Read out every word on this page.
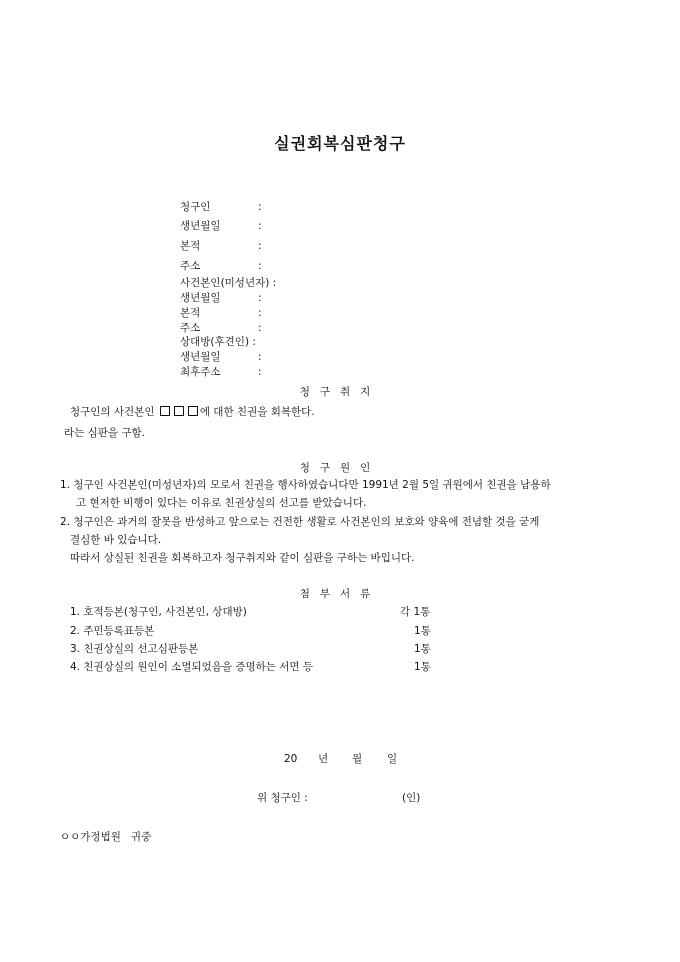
실권회복심판청구
청구인	:
생년월일	:
본적	:
주소	:
사건본인(미성년자) :
생년월일	:
본적	:
주소	:
상대방(후견인) :
생년월일	:
최후주소	:
청구취지
청구인의 사건본인	에 대한 친권을 회복한다.
라는 심판을 구함.
청구원인
1. 청구인 사건본인(미성년자)의 모로서 친권을 행사하였습니다만 1991년 2월 5일 귀원에서 친권을 남용하
고 현저한 비행이 있다는 이유로 친권상실의 선고를 받았습니다.
2. 청구인은 과거의 잘못을 반성하고 앞으로는 건전한 생활로 사건본인의 보호와 양육에 전념할 것을 굳게
결심한 바 있습니다.
따라서 상실된 친권을 회복하고자 청구취지와 같이 심판을 구하는 바입니다.
첨부서류
1. 호적등본(청구인, 사건본인, 상대방)	각 1통
2. 주민등록표등본	1통
3. 친권상실의 선고심판등본	1통
4. 친권상실의 원인이 소멸되었음을 증명하는 서면 등	1통
20 년 월 일
위 청구인 :	(인)
ㅇㅇ가정법원   귀중
